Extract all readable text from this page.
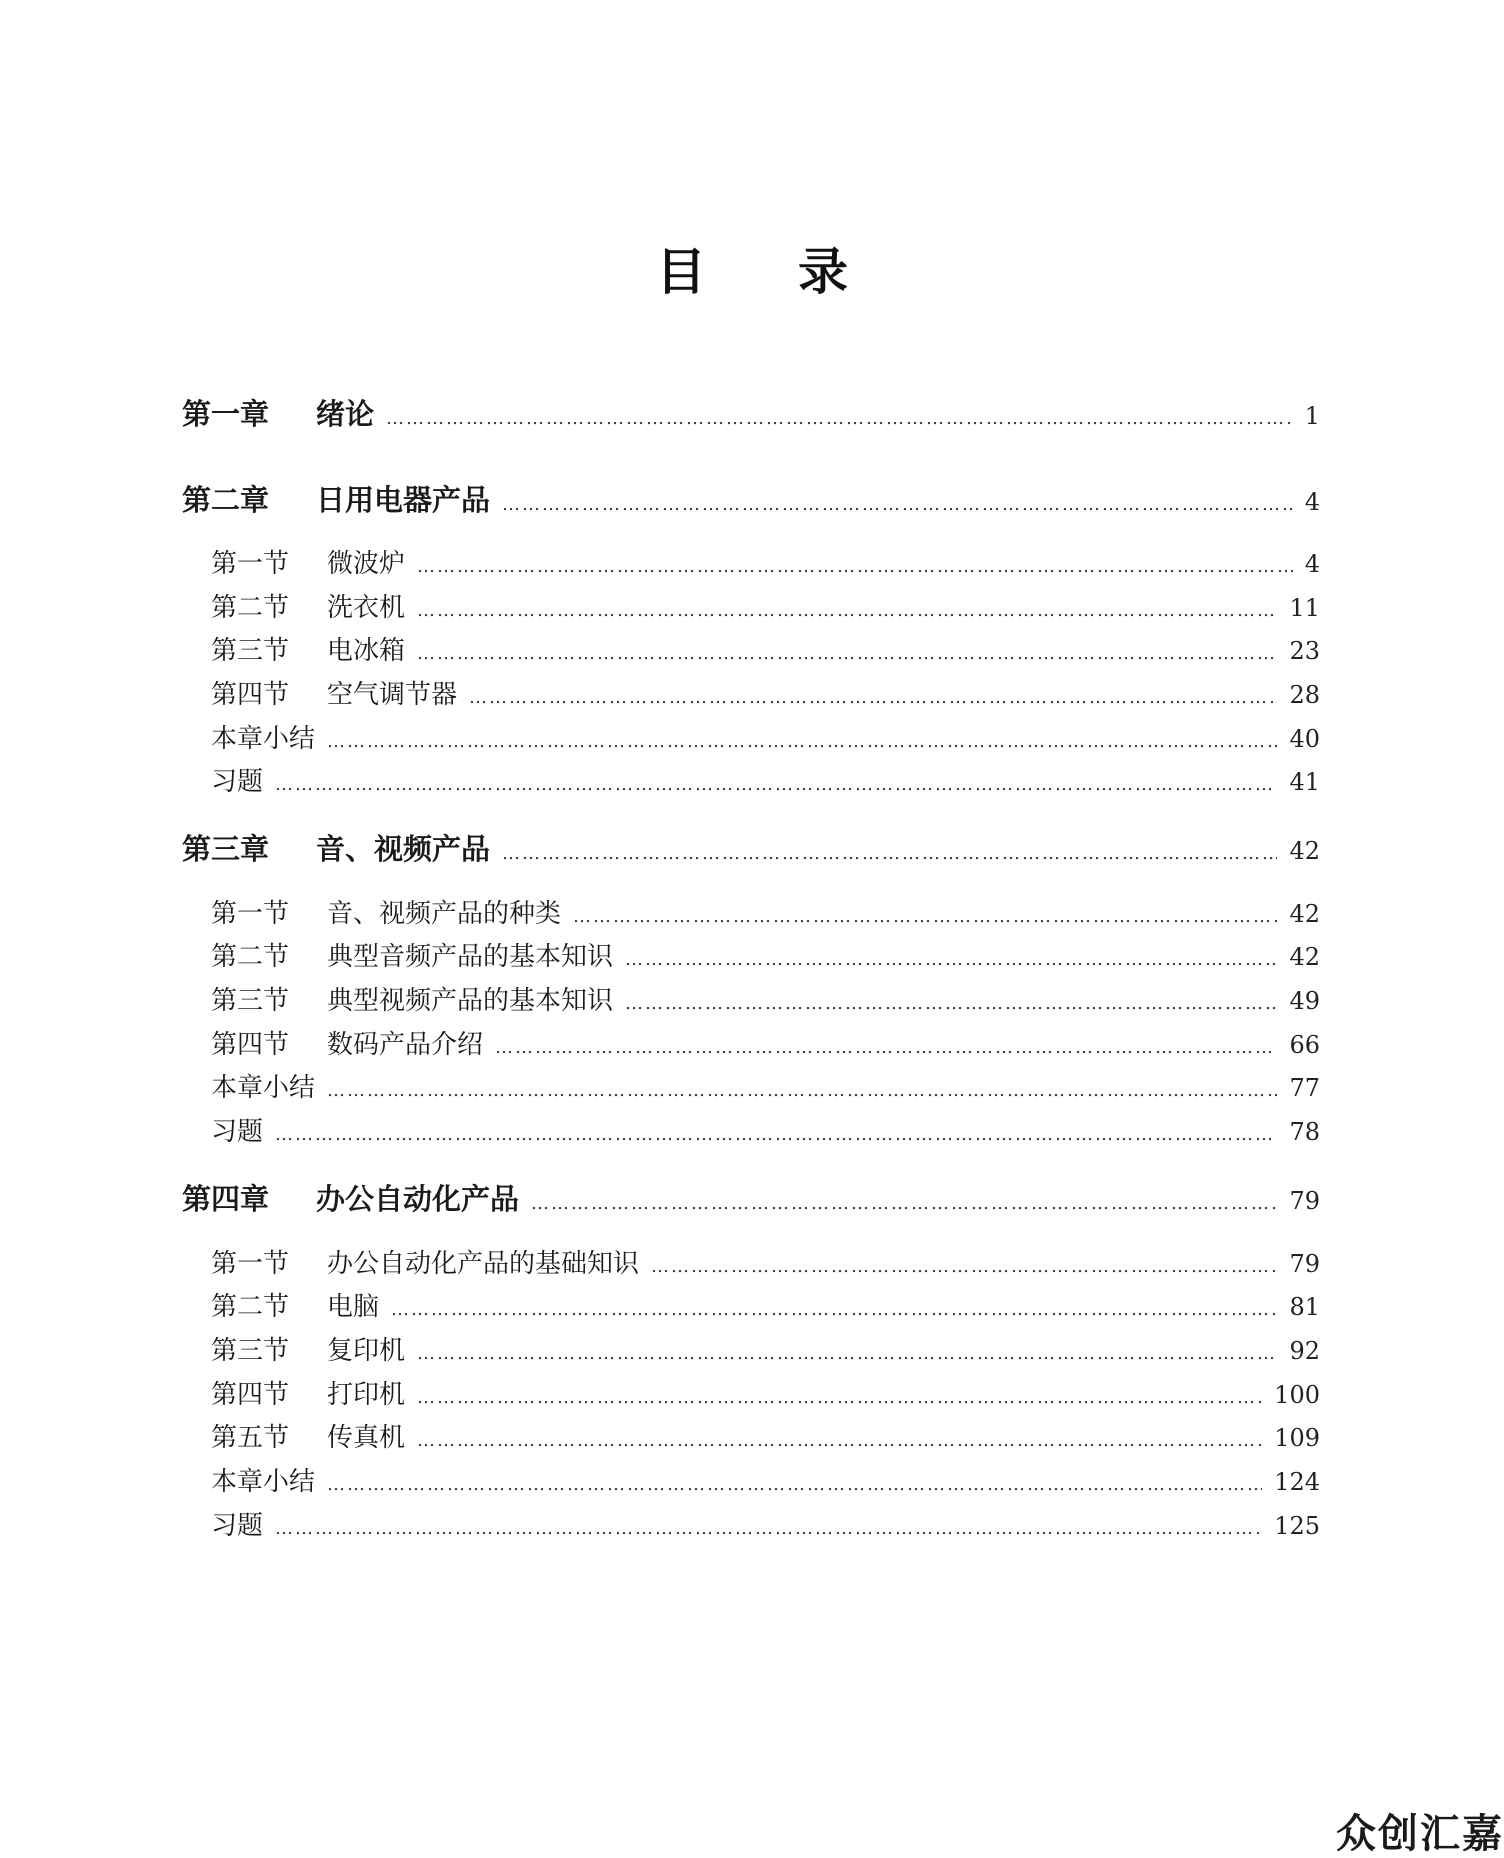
目 录
第一章	绪论 ………………………………………………………………………………………………………………………………………………………………………………………………………………………………………	1
第二章	日用电器产品 ………………………………………………………………………………………………………………………………………………………………………………………………………………………………………	4
第一节	微波炉 ………………………………………………………………………………………………………………………………………………………………………………………………………………………………………	4
第二节	洗衣机 ………………………………………………………………………………………………………………………………………………………………………………………………………………………………………	11
第三节	电冰箱 ………………………………………………………………………………………………………………………………………………………………………………………………………………………………………	23
第四节	空气调节器 ………………………………………………………………………………………………………………………………………………………………………………………………………………………………………	28
本章小结 ………………………………………………………………………………………………………………………………………………………………………………………………………………………………………	40
习题 ………………………………………………………………………………………………………………………………………………………………………………………………………………………………………	41
第三章	音、视频产品 ………………………………………………………………………………………………………………………………………………………………………………………………………………………………………	42
第一节	音、视频产品的种类 ………………………………………………………………………………………………………………………………………………………………………………………………………………………………………	42
第二节	典型音频产品的基本知识 ………………………………………………………………………………………………………………………………………………………………………………………………………………………………………	42
第三节	典型视频产品的基本知识 ………………………………………………………………………………………………………………………………………………………………………………………………………………………………………	49
第四节	数码产品介绍 ………………………………………………………………………………………………………………………………………………………………………………………………………………………………………	66
本章小结 ………………………………………………………………………………………………………………………………………………………………………………………………………………………………………	77
习题 ………………………………………………………………………………………………………………………………………………………………………………………………………………………………………	78
第四章	办公自动化产品 ………………………………………………………………………………………………………………………………………………………………………………………………………………………………………	79
第一节	办公自动化产品的基础知识 ………………………………………………………………………………………………………………………………………………………………………………………………………………………………………	79
第二节	电脑 ………………………………………………………………………………………………………………………………………………………………………………………………………………………………………	81
第三节	复印机 ………………………………………………………………………………………………………………………………………………………………………………………………………………………………………	92
第四节	打印机 ………………………………………………………………………………………………………………………………………………………………………………………………………………………………………	100
第五节	传真机 ………………………………………………………………………………………………………………………………………………………………………………………………………………………………………	109
本章小结 ………………………………………………………………………………………………………………………………………………………………………………………………………………………………………	124
习题 ………………………………………………………………………………………………………………………………………………………………………………………………………………………………………	125
众创汇嘉
